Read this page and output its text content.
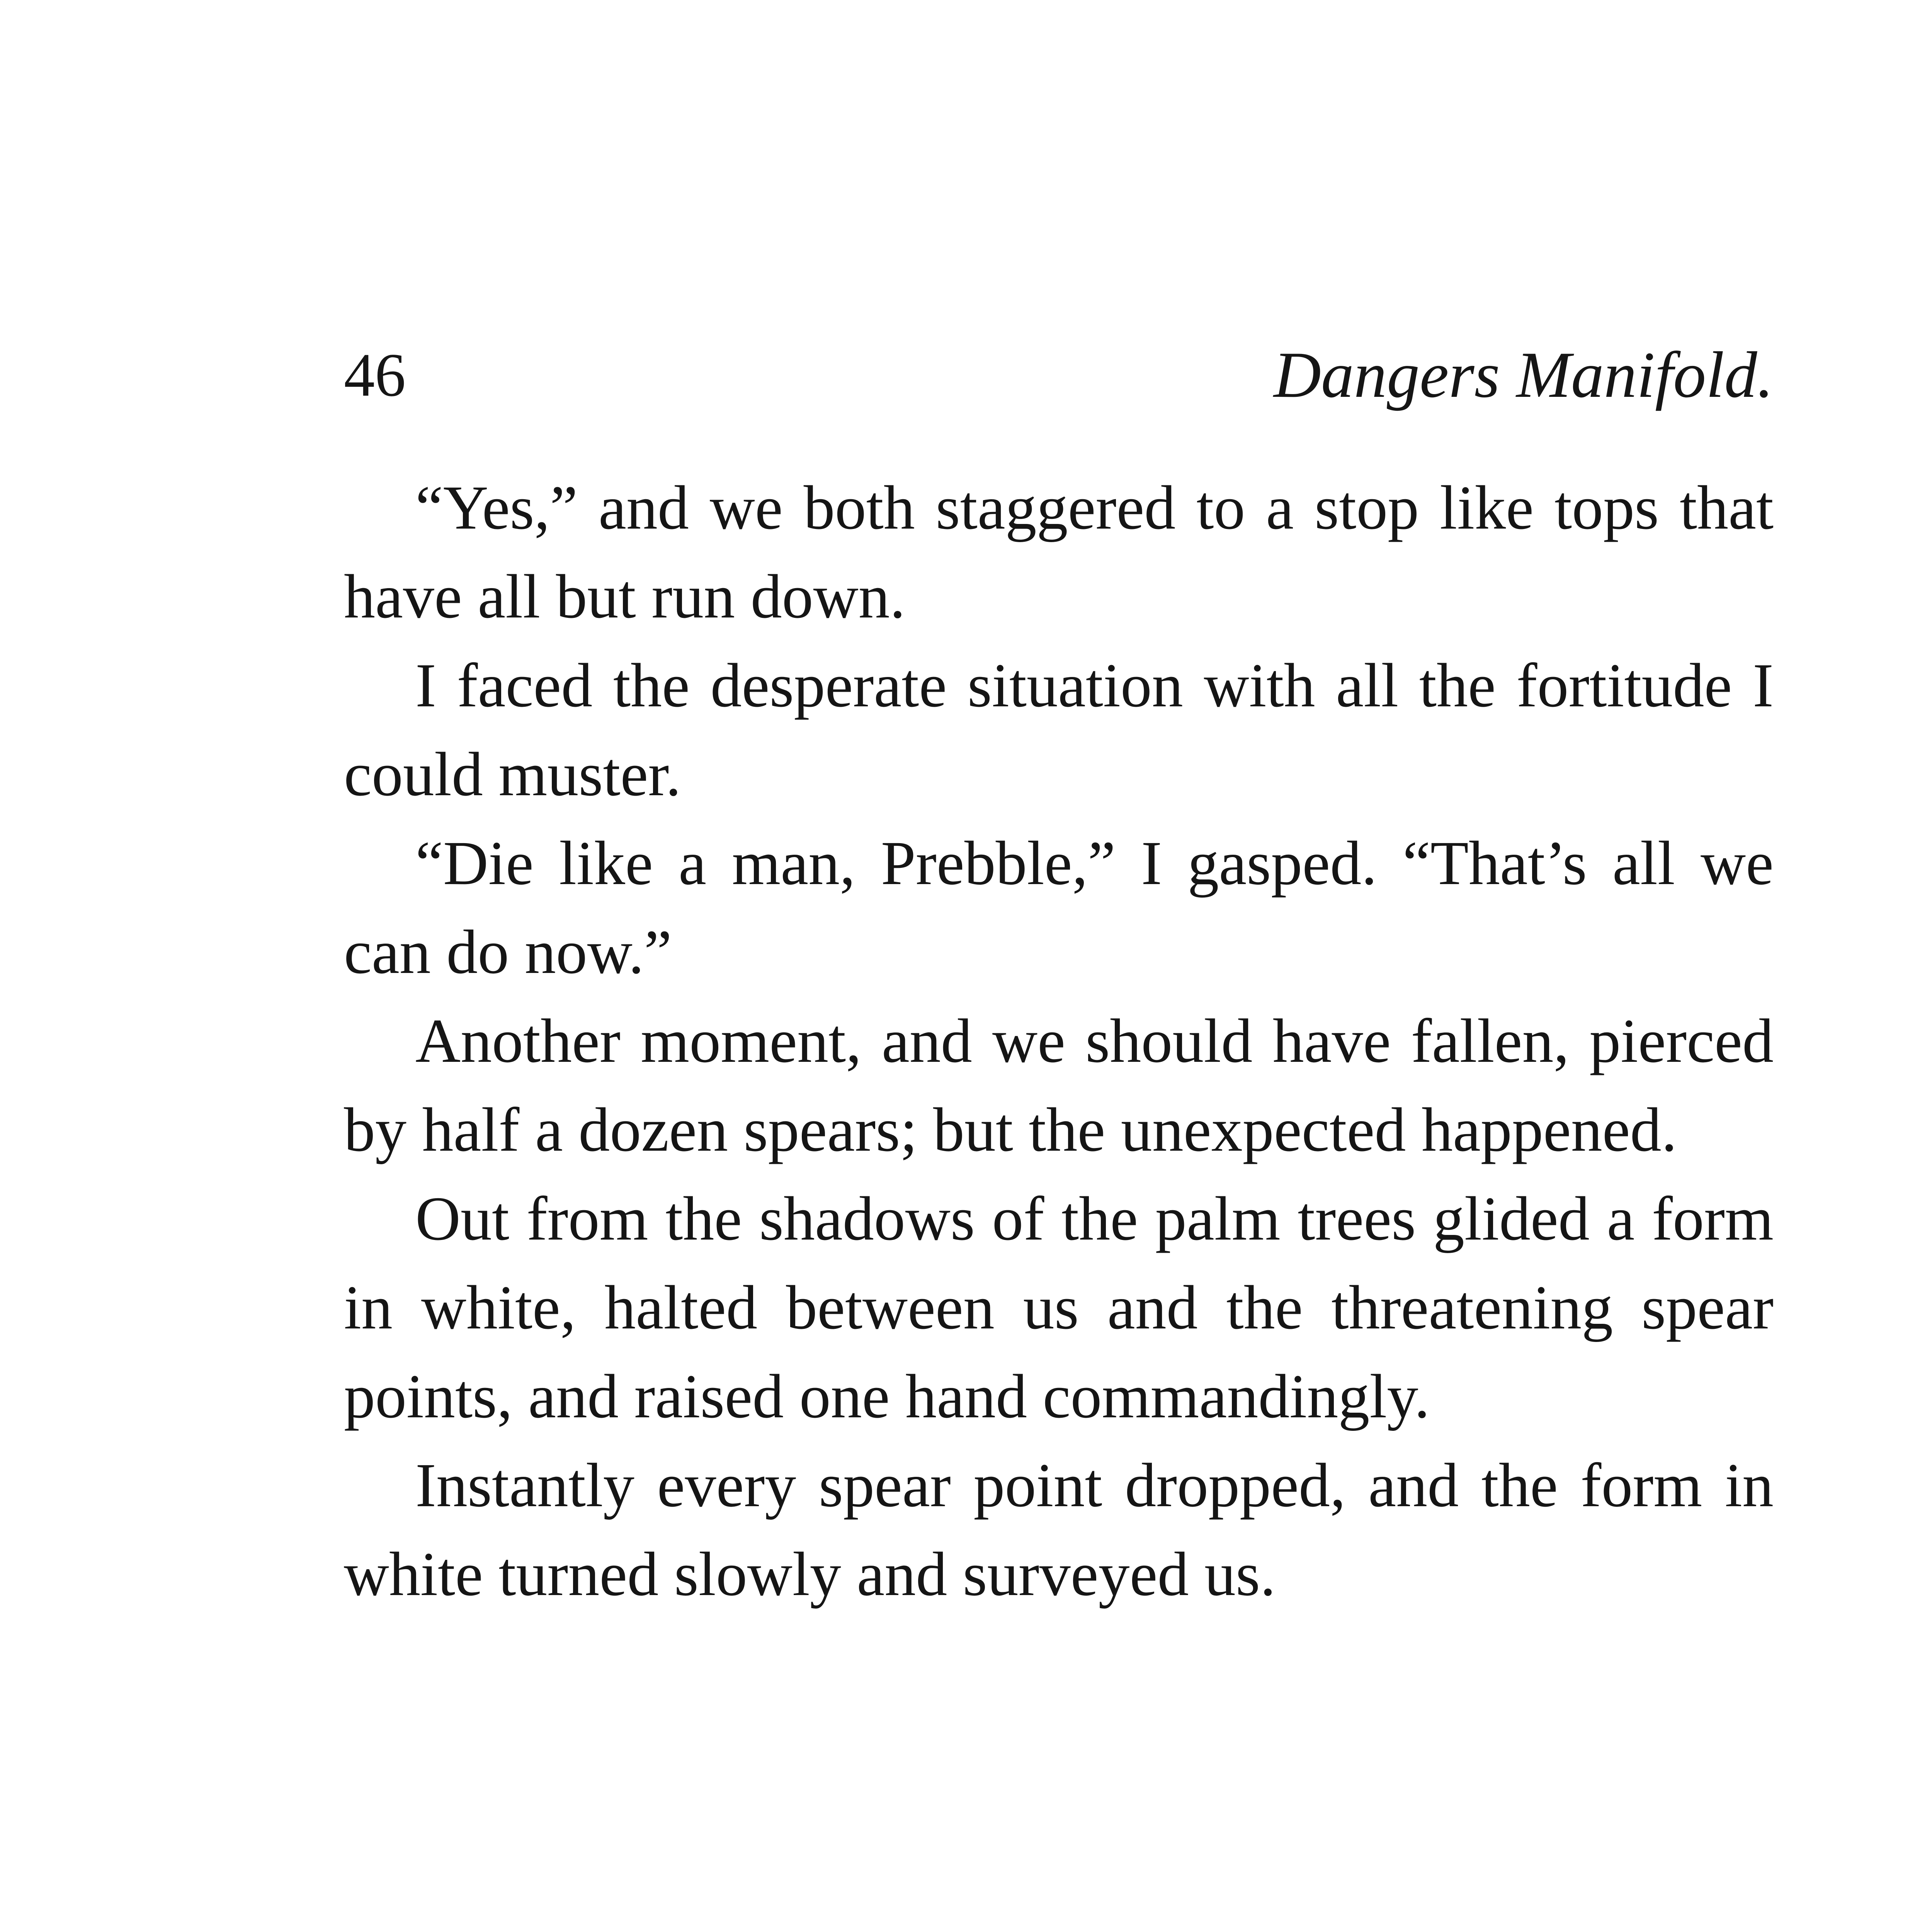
46	Dangers Manifold.

“Yes,” and we both staggered to a stop like tops that have all but run down.

I faced the desperate situation with all the fortitude I could muster.

“Die like a man, Prebble,” I gasped. “That’s all we can do now.”

Another moment, and we should have fallen, pierced by half a dozen spears; but the unexpected happened.

Out from the shadows of the palm trees glided a form in white, halted between us and the threatening spear points, and raised one hand commandingly.

Instantly every spear point dropped, and the form in white turned slowly and surveyed us.
